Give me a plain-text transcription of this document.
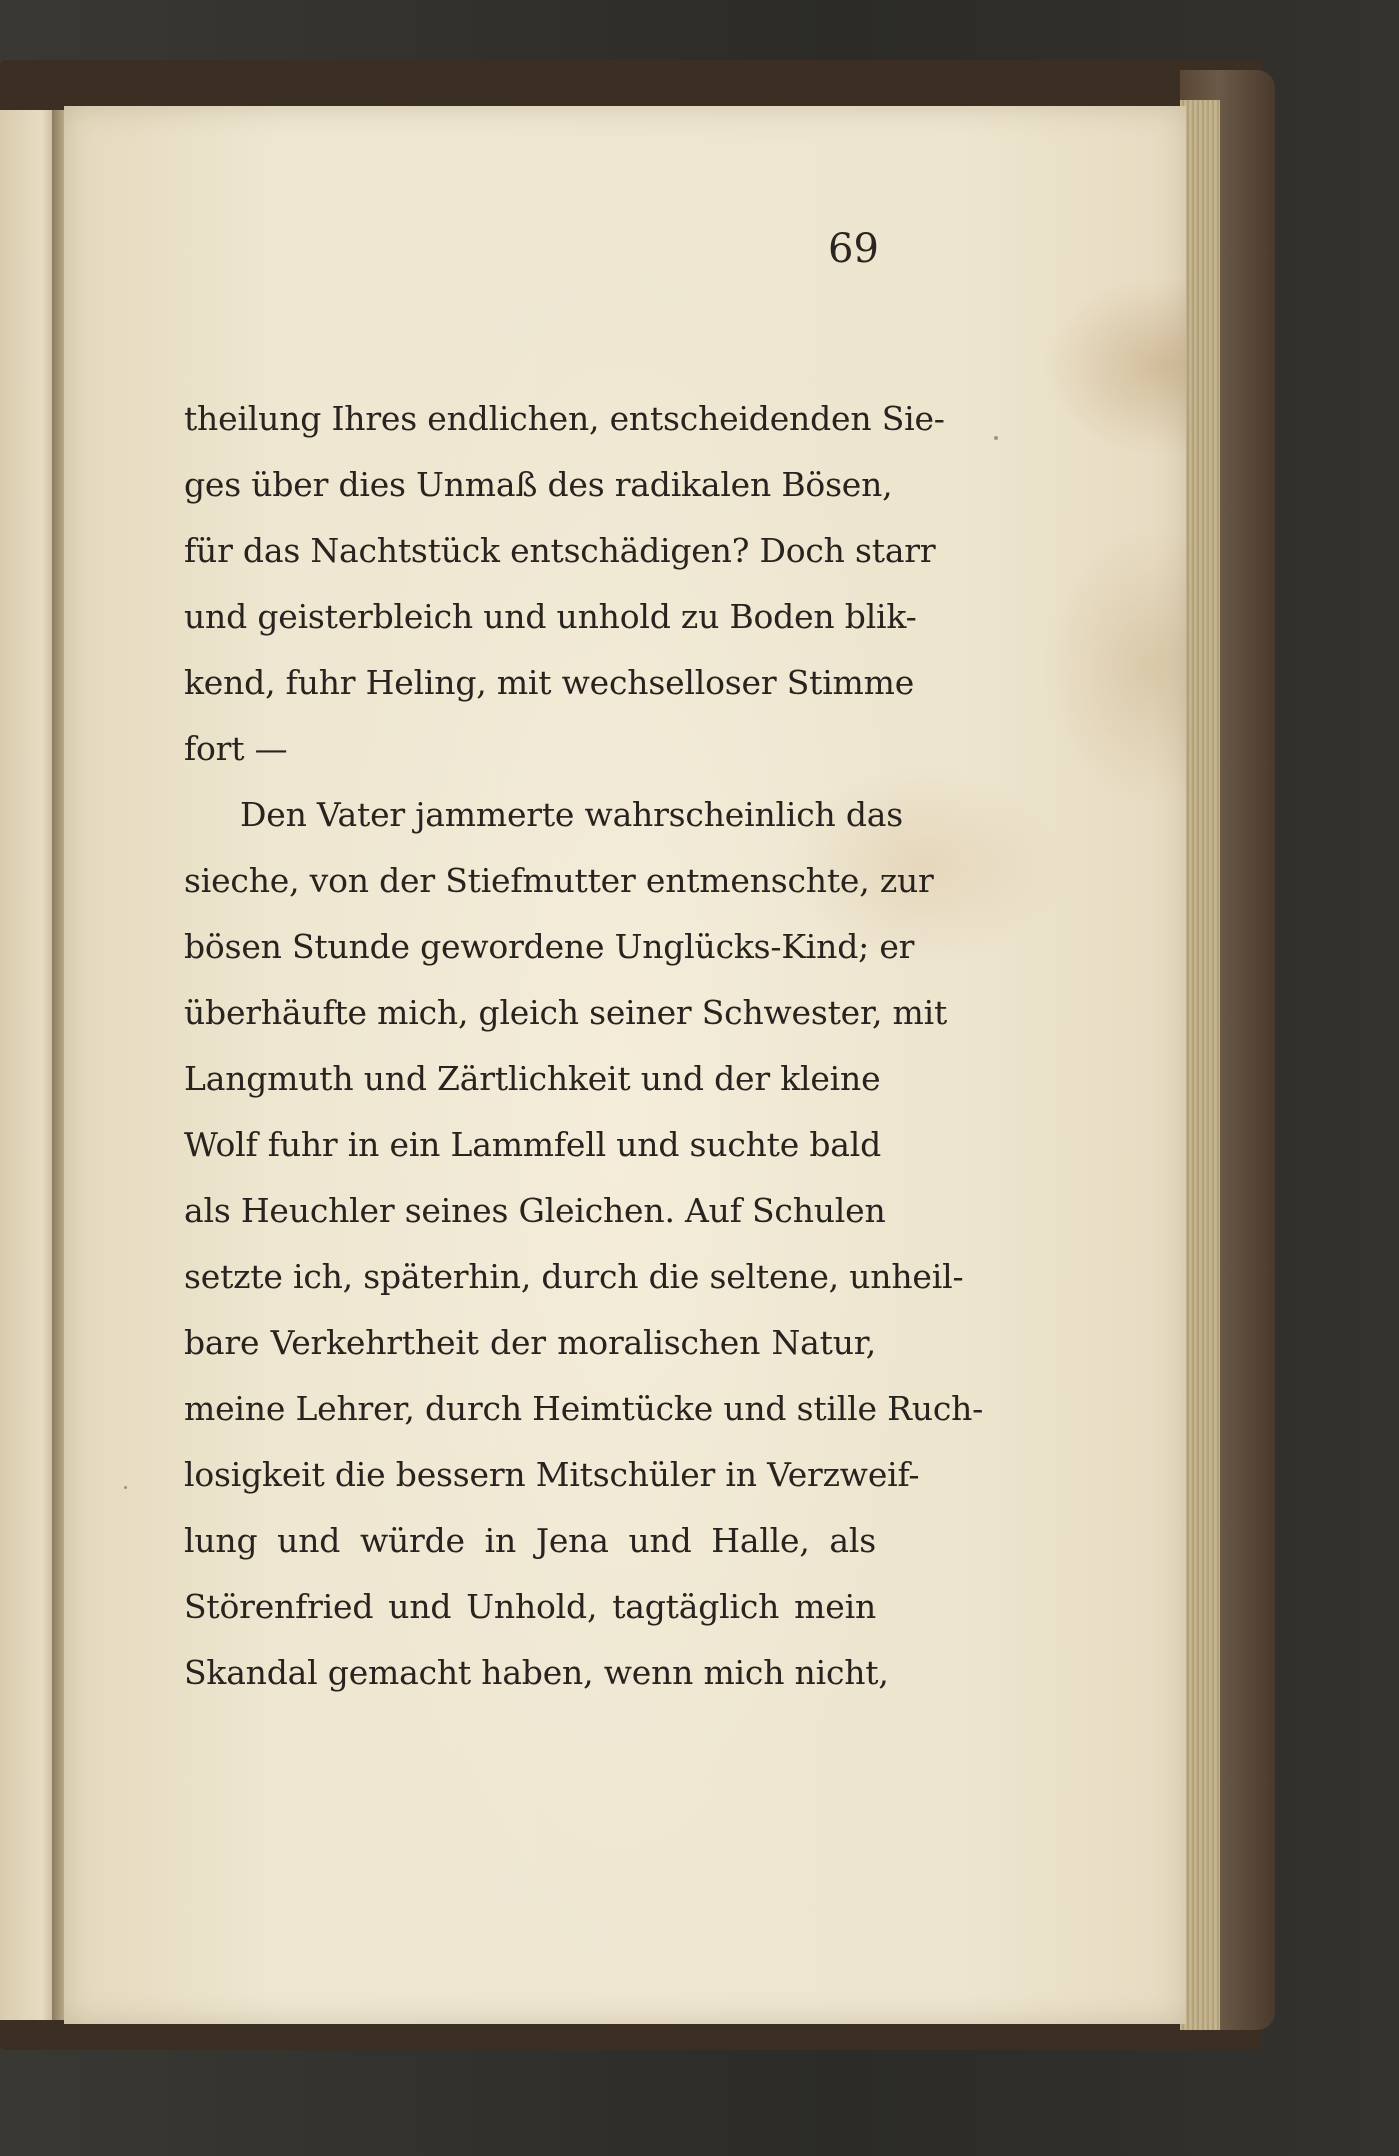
69

theilung Ihres endlichen, entscheidenden Sie-
ges über dies Unmaß des radikalen Bösen,
für das Nachtstück entschädigen? Doch starr
und geisterbleich und unhold zu Boden blik-
kend, fuhr Heling, mit wechselloser Stimme
fort —
Den Vater jammerte wahrscheinlich das
sieche, von der Stiefmutter entmenschte, zur
bösen Stunde gewordene Unglücks-Kind; er
überhäufte mich, gleich seiner Schwester, mit
Langmuth und Zärtlichkeit und der kleine
Wolf fuhr in ein Lammfell und suchte bald
als Heuchler seines Gleichen. Auf Schulen
setzte ich, späterhin, durch die seltene, unheil-
bare Verkehrtheit der moralischen Natur,
meine Lehrer, durch Heimtücke und stille Ruch-
losigkeit die bessern Mitschüler in Verzweif-
lung und würde in Jena und Halle, als
Störenfried und Unhold, tagtäglich mein
Skandal gemacht haben, wenn mich nicht,
